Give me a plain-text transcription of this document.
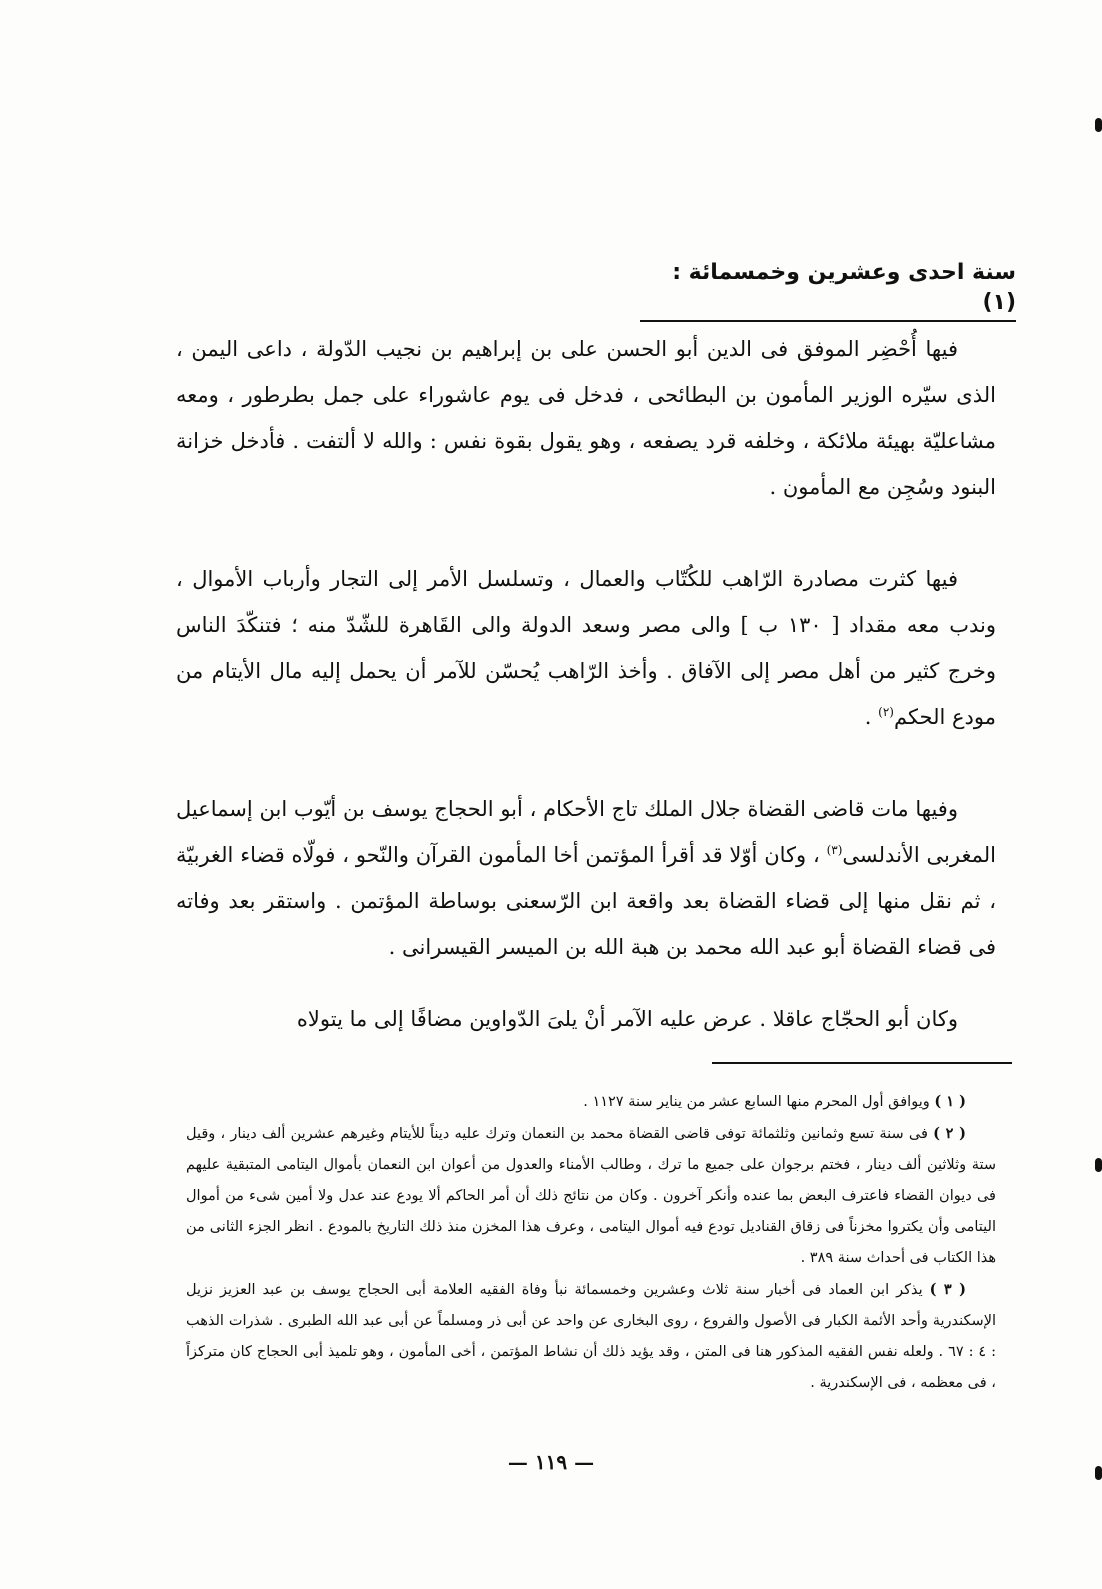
سنة احدى وعشرين وخمسمائة : (١)

فيها أُحْضِر الموفق فى الدين أبو الحسن على بن إبراهيم بن نجيب الدّولة ، داعى اليمن ، الذى سيّره الوزير المأمون بن البطائحى ، فدخل فى يوم عاشوراء على جمل بطرطور ، ومعه مشاعليّة بهيئة ملائكة ، وخلفه قرد يصفعه ، وهو يقول بقوة نفس : والله لا ألتفت . فأدخل خزانة البنود وسُجِن مع المأمون .

فيها كثرت مصادرة الرّاهب للكُتّاب والعمال ، وتسلسل الأمر إلى التجار وأرباب الأموال ، وندب معه مقداد [ ١٣٠ ب ] والى مصر وسعد الدولة والى القَاهرة للشّدّ منه ؛ فتنكّدَ الناس وخرج كثير من أهل مصر إلى الآفاق . وأخذ الرّاهب يُحسّن للآمر أن يحمل إليه مال الأيتام من مودع الحكم$^{(٢)}$ .

وفيها مات قاضى القضاة جلال الملك تاج الأحكام ، أبو الحجاج يوسف بن أيّوب ابن إسماعيل المغربى الأندلسى$^{(٣)}$ ، وكان أوّلا قد أقرأ المؤتمن أخا المأمون القرآن والنّحو ، فولّاه قضاء الغربيّة ، ثم نقل منها إلى قضاء القضاة بعد واقعة ابن الرّسعنى بوساطة المؤتمن . واستقر بعد وفاته فى قضاء القضاة أبو عبد الله محمد بن هبة الله بن الميسر القيسرانى .

وكان أبو الحجّاج عاقلا . عرض عليه الآمر أنْ يلىَ الدّواوين مضافًا إلى ما يتولاه

( ١ ) ويوافق أول المحرم منها السابع عشر من يناير سنة ١١٢٧ .

( ٢ ) فى سنة تسع وثمانين وثلثمائة توفى قاضى القضاة محمد بن النعمان وترك عليه ديناً للأيتام وغيرهم عشرين ألف دينار ، وقيل ستة وثلاثين ألف دينار ، فختم برجوان على جميع ما ترك ، وطالب الأمناء والعدول من أعوان ابن النعمان بأموال اليتامى المتبقية عليهم فى ديوان القضاء فاعترف البعض بما عنده وأنكر آخرون . وكان من نتائج ذلك أن أمر الحاكم ألا يودع عند عدل ولا أمين شىء من أموال اليتامى وأن يكتروا مخزناً فى زقاق القناديل تودع فيه أموال اليتامى ، وعرف هذا المخزن منذ ذلك التاريخ بالمودع . انظر الجزء الثانى من هذا الكتاب فى أحداث سنة ٣٨٩ .

( ٣ ) يذكر ابن العماد فى أخبار سنة ثلاث وعشرين وخمسمائة نبأ وفاة الفقيه العلامة أبى الحجاج يوسف بن عبد العزيز نزيل الإسكندرية وأحد الأئمة الكبار فى الأصول والفروع ، روى البخارى عن واحد عن أبى ذر ومسلماً عن أبى عبد الله الطبرى . شذرات الذهب : ٤ : ٦٧ . ولعله نفس الفقيه المذكور هنا فى المتن ، وقد يؤيد ذلك أن نشاط المؤتمن ، أخى المأمون ، وهو تلميذ أبى الحجاج كان متركزاً ، فى معظمه ، فى الإسكندرية .

— ١١٩ —
